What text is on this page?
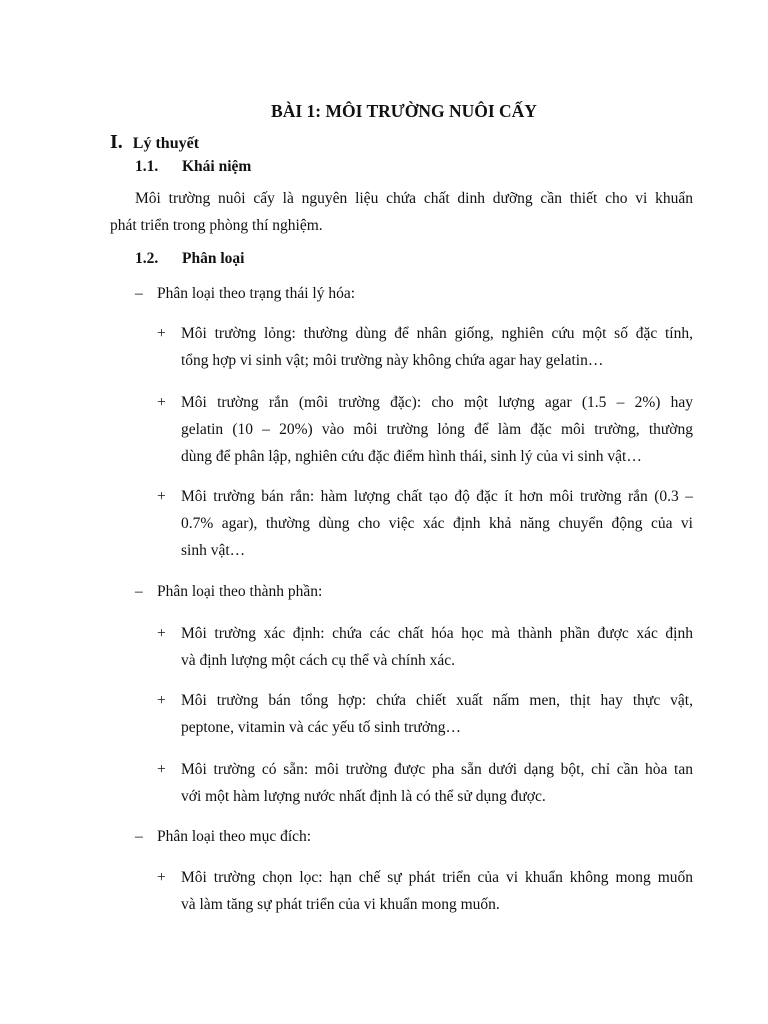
BÀI 1: MÔI TRƯỜNG NUÔI CẤY
I. Lý thuyết
1.1. Khái niệm
Môi trường nuôi cấy là nguyên liệu chứa chất dinh dưỡng cần thiết cho vi khuẩn
phát triển trong phòng thí nghiệm.
1.2. Phân loại
– Phân loại theo trạng thái lý hóa:
+ Môi trường lỏng: thường dùng để nhân giống, nghiên cứu một số đặc tính,
tổng hợp vi sinh vật; môi trường này không chứa agar hay gelatin…
+ Môi trường rắn (môi trường đặc): cho một lượng agar (1.5 – 2%) hay
gelatin (10 – 20%) vào môi trường lỏng để làm đặc môi trường, thường
dùng để phân lập, nghiên cứu đặc điểm hình thái, sinh lý của vi sinh vật…
+ Môi trường bán rắn: hàm lượng chất tạo độ đặc ít hơn môi trường rắn (0.3 –
0.7% agar), thường dùng cho việc xác định khả năng chuyển động của vi
sinh vật…
– Phân loại theo thành phần:
+ Môi trường xác định: chứa các chất hóa học mà thành phần được xác định
và định lượng một cách cụ thể và chính xác.
+ Môi trường bán tổng hợp: chứa chiết xuất nấm men, thịt hay thực vật,
peptone, vitamin và các yếu tố sinh trưởng…
+ Môi trường có sẵn: môi trường được pha sẵn dưới dạng bột, chỉ cần hòa tan
với một hàm lượng nước nhất định là có thể sử dụng được.
– Phân loại theo mục đích:
+ Môi trường chọn lọc: hạn chế sự phát triển của vi khuẩn không mong muốn
và làm tăng sự phát triển của vi khuẩn mong muốn.
